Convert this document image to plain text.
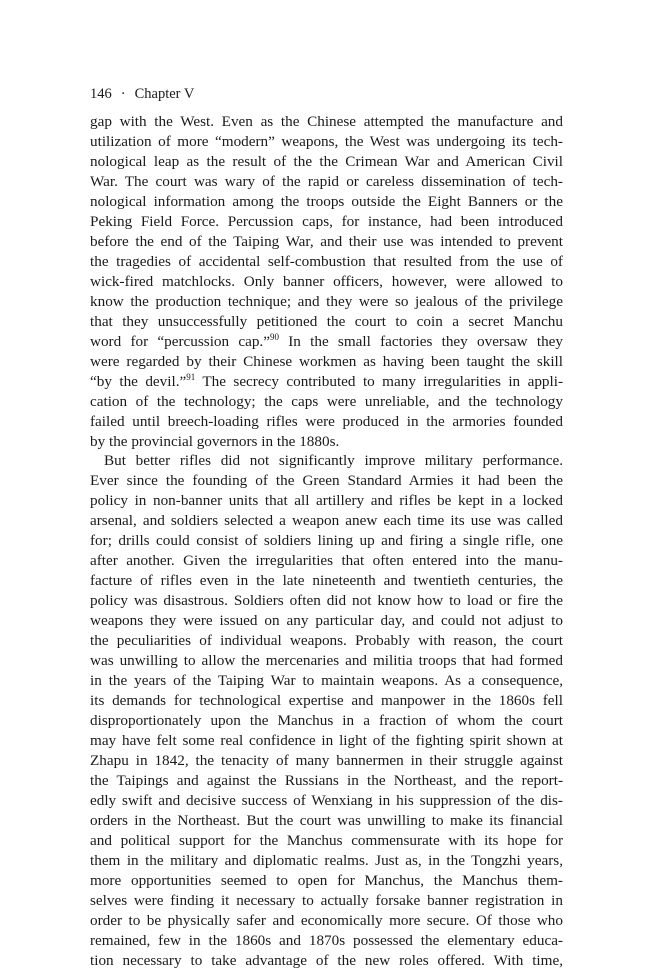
146 · Chapter V
gap with the West. Even as the Chinese attempted the manufacture and
utilization of more “modern” weapons, the West was undergoing its tech-
nological leap as the result of the the Crimean War and American Civil
War. The court was wary of the rapid or careless dissemination of tech-
nological information among the troops outside the Eight Banners or the
Peking Field Force. Percussion caps, for instance, had been introduced
before the end of the Taiping War, and their use was intended to prevent
the tragedies of accidental self-combustion that resulted from the use of
wick-fired matchlocks. Only banner officers, however, were allowed to
know the production technique; and they were so jealous of the privilege
that they unsuccessfully petitioned the court to coin a secret Manchu
word for “percussion cap.”$^{90}$ In the small factories they oversaw they
were regarded by their Chinese workmen as having been taught the skill
“by the devil.”$^{91}$ The secrecy contributed to many irregularities in appli-
cation of the technology; the caps were unreliable, and the technology
failed until breech-loading rifles were produced in the armories founded
by the provincial governors in the 1880s.
But better rifles did not significantly improve military performance.
Ever since the founding of the Green Standard Armies it had been the
policy in non-banner units that all artillery and rifles be kept in a locked
arsenal, and soldiers selected a weapon anew each time its use was called
for; drills could consist of soldiers lining up and firing a single rifle, one
after another. Given the irregularities that often entered into the manu-
facture of rifles even in the late nineteenth and twentieth centuries, the
policy was disastrous. Soldiers often did not know how to load or fire the
weapons they were issued on any particular day, and could not adjust to
the peculiarities of individual weapons. Probably with reason, the court
was unwilling to allow the mercenaries and militia troops that had formed
in the years of the Taiping War to maintain weapons. As a consequence,
its demands for technological expertise and manpower in the 1860s fell
disproportionately upon the Manchus in a fraction of whom the court
may have felt some real confidence in light of the fighting spirit shown at
Zhapu in 1842, the tenacity of many bannermen in their struggle against
the Taipings and against the Russians in the Northeast, and the report-
edly swift and decisive success of Wenxiang in his suppression of the dis-
orders in the Northeast. But the court was unwilling to make its financial
and political support for the Manchus commensurate with its hope for
them in the military and diplomatic realms. Just as, in the Tongzhi years,
more opportunities seemed to open for Manchus, the Manchus them-
selves were finding it necessary to actually forsake banner registration in
order to be physically safer and economically more secure. Of those who
remained, few in the 1860s and 1870s possessed the elementary educa-
tion necessary to take advantage of the new roles offered. With time,
